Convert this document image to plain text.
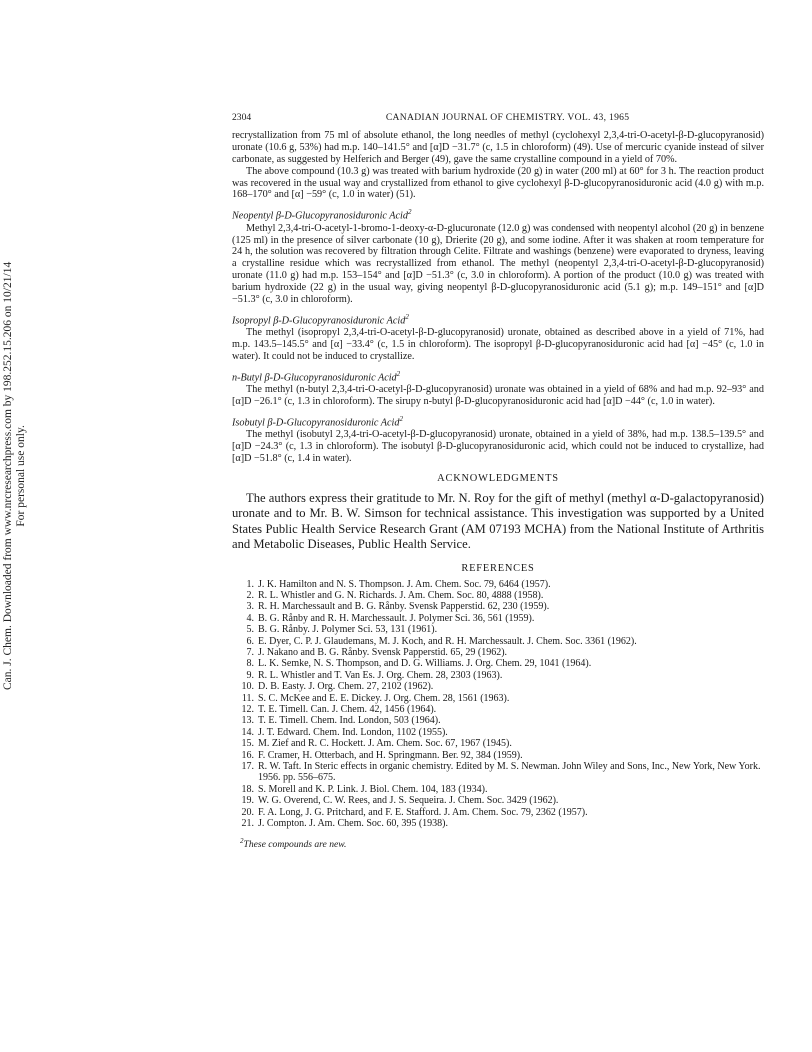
Can. J. Chem. Downloaded from www.nrcresearchpress.com by 198.252.15.206 on 10/21/14 For personal use only.
2304	CANADIAN JOURNAL OF CHEMISTRY. VOL. 43, 1965

recrystallization from 75 ml of absolute ethanol, the long needles of methyl (cyclohexyl 2,3,4-tri-O-acetyl-β-D-glucopyranosid) uronate (10.6 g, 53%) had m.p. 140–141.5° and [α]D −31.7° (c, 1.5 in chloroform) (49). Use of mercuric cyanide instead of silver carbonate, as suggested by Helferich and Berger (49), gave the same crystalline compound in a yield of 70%.

The above compound (10.3 g) was treated with barium hydroxide (20 g) in water (200 ml) at 60° for 3 h. The reaction product was recovered in the usual way and crystallized from ethanol to give cyclohexyl β-D-glucopyranosiduronic acid (4.0 g) with m.p. 168–170° and [α] −59° (c, 1.0 in water) (51).

Neopentyl β-D-Glucopyranosiduronic Acid$^2$

Methyl 2,3,4-tri-O-acetyl-1-bromo-1-deoxy-α-D-glucuronate (12.0 g) was condensed with neopentyl alcohol (20 g) in benzene (125 ml) in the presence of silver carbonate (10 g), Drierite (20 g), and some iodine. After it was shaken at room temperature for 24 h, the solution was recovered by filtration through Celite. Filtrate and washings (benzene) were evaporated to dryness, leaving a crystalline residue which was recrystallized from ethanol. The methyl (neopentyl 2,3,4-tri-O-acetyl-β-D-glucopyranosid) uronate (11.0 g) had m.p. 153–154° and [α]D −51.3° (c, 3.0 in chloroform). A portion of the product (10.0 g) was treated with barium hydroxide (22 g) in the usual way, giving neopentyl β-D-glucopyranosiduronic acid (5.1 g); m.p. 149–151° and [α]D −51.3° (c, 3.0 in chloroform).

Isopropyl β-D-Glucopyranosiduronic Acid$^2$

The methyl (isopropyl 2,3,4-tri-O-acetyl-β-D-glucopyranosid) uronate, obtained as described above in a yield of 71%, had m.p. 143.5–145.5° and [α] −33.4° (c, 1.5 in chloroform). The isopropyl β-D-glucopyranosiduronic acid had [α] −45° (c, 1.0 in water). It could not be induced to crystallize.

n-Butyl β-D-Glucopyranosiduronic Acid$^2$

The methyl (n-butyl 2,3,4-tri-O-acetyl-β-D-glucopyranosid) uronate was obtained in a yield of 68% and had m.p. 92–93° and [α]D −26.1° (c, 1.3 in chloroform). The sirupy n-butyl β-D-glucopyranosiduronic acid had [α]D −44° (c, 1.0 in water).

Isobutyl β-D-Glucopyranosiduronic Acid$^2$

The methyl (isobutyl 2,3,4-tri-O-acetyl-β-D-glucopyranosid) uronate, obtained in a yield of 38%, had m.p. 138.5–139.5° and [α]D −24.3° (c, 1.3 in chloroform). The isobutyl β-D-glucopyranosiduronic acid, which could not be induced to crystallize, had [α]D −51.8° (c, 1.4 in water).

ACKNOWLEDGMENTS

The authors express their gratitude to Mr. N. Roy for the gift of methyl (methyl α-D-galactopyranosid) uronate and to Mr. B. W. Simson for technical assistance. This investigation was supported by a United States Public Health Service Research Grant (AM 07193 MCHA) from the National Institute of Arthritis and Metabolic Diseases, Public Health Service.

REFERENCES
1. J. K. Hamilton and N. S. Thompson. J. Am. Chem. Soc. 79, 6464 (1957).
2. R. L. Whistler and G. N. Richards. J. Am. Chem. Soc. 80, 4888 (1958).
3. R. H. Marchessault and B. G. Rånby. Svensk Papperstid. 62, 230 (1959).
4. B. G. Rånby and R. H. Marchessault. J. Polymer Sci. 36, 561 (1959).
5. B. G. Rånby. J. Polymer Sci. 53, 131 (1961).
6. E. Dyer, C. P. J. Glaudemans, M. J. Koch, and R. H. Marchessault. J. Chem. Soc. 3361 (1962).
7. J. Nakano and B. G. Rånby. Svensk Papperstid. 65, 29 (1962).
8. L. K. Semke, N. S. Thompson, and D. G. Williams. J. Org. Chem. 29, 1041 (1964).
9. R. L. Whistler and T. Van Es. J. Org. Chem. 28, 2303 (1963).
10. D. B. Easty. J. Org. Chem. 27, 2102 (1962).
11. S. C. McKee and E. E. Dickey. J. Org. Chem. 28, 1561 (1963).
12. T. E. Timell. Can. J. Chem. 42, 1456 (1964).
13. T. E. Timell. Chem. Ind. London, 503 (1964).
14. J. T. Edward. Chem. Ind. London, 1102 (1955).
15. M. Zief and R. C. Hockett. J. Am. Chem. Soc. 67, 1967 (1945).
16. F. Cramer, H. Otterbach, and H. Springmann. Ber. 92, 384 (1959).
17. R. W. Taft. In Steric effects in organic chemistry. Edited by M. S. Newman. John Wiley and Sons, Inc., New York, New York. 1956. pp. 556–675.
18. S. Morell and K. P. Link. J. Biol. Chem. 104, 183 (1934).
19. W. G. Overend, C. W. Rees, and J. S. Sequeira. J. Chem. Soc. 3429 (1962).
20. F. A. Long, J. G. Pritchard, and F. E. Stafford. J. Am. Chem. Soc. 79, 2362 (1957).
21. J. Compton. J. Am. Chem. Soc. 60, 395 (1938).
$^2$These compounds are new.
